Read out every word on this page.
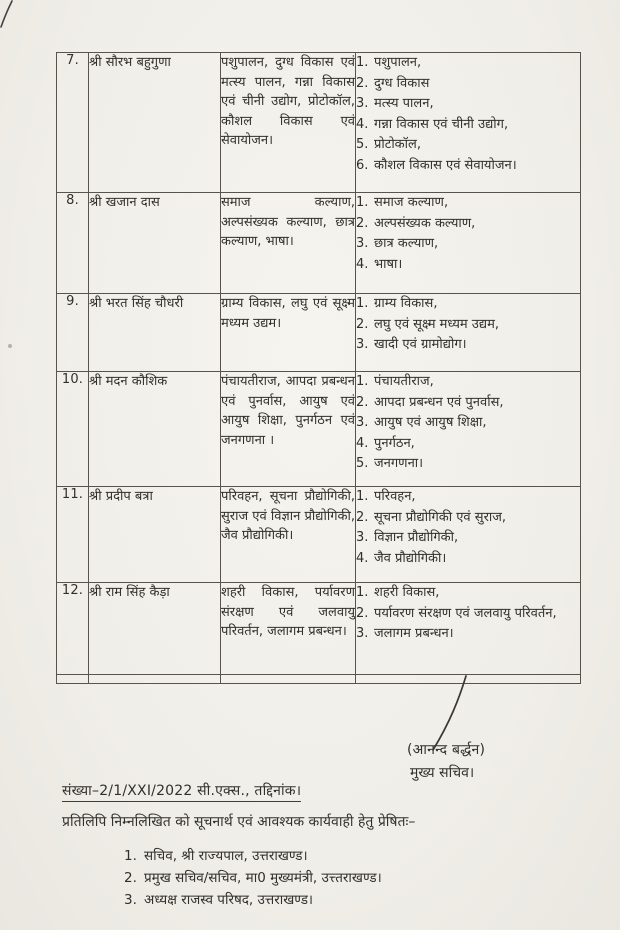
7.	श्री सौरभ बहुगुणा	पशुपालन, दुग्ध विकास एवं मत्स्य पालन, गन्ना विकास एवं चीनी उद्योग, प्रोटोकॉल, कौशल विकास एवं सेवायोजन।	
1. पशुपालन,
2. दुग्ध विकास
3. मत्स्य पालन,
4. गन्ना विकास एवं चीनी उद्योग,
5. प्रोटोकॉल,
6. कौशल विकास एवं सेवायोजन।

8.	श्री खजान दास	समाज कल्याण, अल्पसंख्यक कल्याण, छात्र कल्याण, भाषा।	
1. समाज कल्याण,
2. अल्पसंख्यक कल्याण,
3. छात्र कल्याण,
4. भाषा।

9.	श्री भरत सिंह चौधरी	ग्राम्य विकास, लघु एवं सूक्ष्म मध्यम उद्यम।	
1. ग्राम्य विकास,
2. लघु एवं सूक्ष्म मध्यम उद्यम,
3. खादी एवं ग्रामोद्योग।

10.	श्री मदन कौशिक	पंचायतीराज, आपदा प्रबन्धन एवं पुनर्वास, आयुष एवं आयुष शिक्षा, पुनर्गठन एवं जनगणना ।	
1. पंचायतीराज,
2. आपदा प्रबन्धन एवं पुनर्वास,
3. आयुष एवं आयुष शिक्षा,
4. पुनर्गठन,
5. जनगणना।

11.	श्री प्रदीप बत्रा	परिवहन, सूचना प्रौद्योगिकी, सुराज एवं विज्ञान प्रौद्योगिकी, जैव प्रौद्योगिकी।	
1. परिवहन,
2. सूचना प्रौद्योगिकी एवं सुराज,
3. विज्ञान प्रौद्योगिकी,
4. जैव प्रौद्योगिकी।

12.	श्री राम सिंह कैड़ा	शहरी विकास, पर्यावरण संरक्षण एवं जलवायु परिवर्तन, जलागम प्रबन्धन।	
1. शहरी विकास,
2. पर्यावरण संरक्षण एवं जलवायु परिवर्तन,
3. जलागम प्रबन्धन।

(आनन्द बर्द्धन)
मुख्य सचिव।
संख्या–2/1/XXI/2022 सी.एक्स., तद्दिनांक।
प्रतिलिपि निम्नलिखित को सूचनार्थ एवं आवश्यक कार्यवाही हेतु प्रेषितः–
1. सचिव, श्री राज्यपाल, उत्तराखण्ड।
2. प्रमुख सचिव/सचिव, मा0 मुख्यमंत्री, उत्त्तराखण्ड।
3. अध्यक्ष राजस्व परिषद, उत्तराखण्ड।
